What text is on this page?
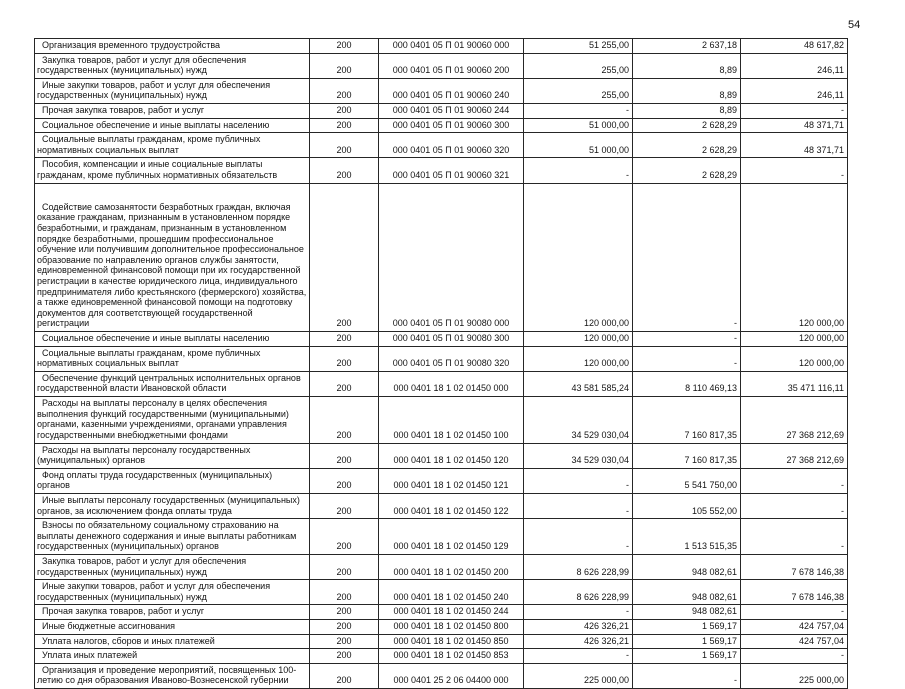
54
Организация временного трудоустройства	200	000 0401 05 П 01 90060 000	51 255,00	2 637,18	48 617,82
Закупка товаров, работ и услуг для обеспечения государственных (муниципальных) нужд	200	000 0401 05 П 01 90060 200	255,00	8,89	246,11
Иные закупки товаров, работ и услуг для обеспечения государственных (муниципальных) нужд	200	000 0401 05 П 01 90060 240	255,00	8,89	246,11
Прочая закупка товаров, работ и услуг	200	000 0401 05 П 01 90060 244	-	8,89	-
Социальное обеспечение и иные выплаты населению	200	000 0401 05 П 01 90060 300	51 000,00	2 628,29	48 371,71
Социальные выплаты гражданам, кроме публичных нормативных социальных выплат	200	000 0401 05 П 01 90060 320	51 000,00	2 628,29	48 371,71
Пособия, компенсации и иные социальные выплаты гражданам, кроме публичных нормативных обязательств	200	000 0401 05 П 01 90060 321	-	2 628,29	-
Содействие самозанятости безработных граждан, включая оказание гражданам, признанным в установленном порядке безработными, и гражданам, признанным в установленном порядке безработными, прошедшим профессиональное обучение или получившим дополнительное профессиональное образование по направлению органов службы занятости, единовременной финансовой помощи при их государственной регистрации в качестве юридического лица, индивидуального предпринимателя либо крестьянского (фермерского) хозяйства, а также единовременной финансовой помощи на подготовку документов для соответствующей государственной регистрации	200	000 0401 05 П 01 90080 000	120 000,00	-	120 000,00
Социальное обеспечение и иные выплаты населению	200	000 0401 05 П 01 90080 300	120 000,00	-	120 000,00
Социальные выплаты гражданам, кроме публичных нормативных социальных выплат	200	000 0401 05 П 01 90080 320	120 000,00	-	120 000,00
Обеспечение функций центральных исполнительных органов государственной власти Ивановской области	200	000 0401 18 1 02 01450 000	43 581 585,24	8 110 469,13	35 471 116,11
Расходы на выплаты персоналу в целях обеспечения выполнения функций государственными (муниципальными) органами, казенными учреждениями, органами управления государственными внебюджетными фондами	200	000 0401 18 1 02 01450 100	34 529 030,04	7 160 817,35	27 368 212,69
Расходы на выплаты персоналу государственных (муниципальных) органов	200	000 0401 18 1 02 01450 120	34 529 030,04	7 160 817,35	27 368 212,69
Фонд оплаты труда государственных (муниципальных) органов	200	000 0401 18 1 02 01450 121	-	5 541 750,00	-
Иные выплаты персоналу государственных (муниципальных) органов, за исключением фонда оплаты труда	200	000 0401 18 1 02 01450 122	-	105 552,00	-
Взносы по обязательному социальному страхованию на выплаты денежного содержания и иные выплаты работникам государственных (муниципальных) органов	200	000 0401 18 1 02 01450 129	-	1 513 515,35	-
Закупка товаров, работ и услуг для обеспечения государственных (муниципальных) нужд	200	000 0401 18 1 02 01450 200	8 626 228,99	948 082,61	7 678 146,38
Иные закупки товаров, работ и услуг для обеспечения государственных (муниципальных) нужд	200	000 0401 18 1 02 01450 240	8 626 228,99	948 082,61	7 678 146,38
Прочая закупка товаров, работ и услуг	200	000 0401 18 1 02 01450 244	-	948 082,61	-
Иные бюджетные ассигнования	200	000 0401 18 1 02 01450 800	426 326,21	1 569,17	424 757,04
Уплата налогов, сборов и иных платежей	200	000 0401 18 1 02 01450 850	426 326,21	1 569,17	424 757,04
Уплата иных платежей	200	000 0401 18 1 02 01450 853	-	1 569,17	-
Организация и проведение мероприятий, посвященных 100-летию со дня образования Иваново-Вознесенской губернии	200	000 0401 25 2 06 04400 000	225 000,00	-	225 000,00
